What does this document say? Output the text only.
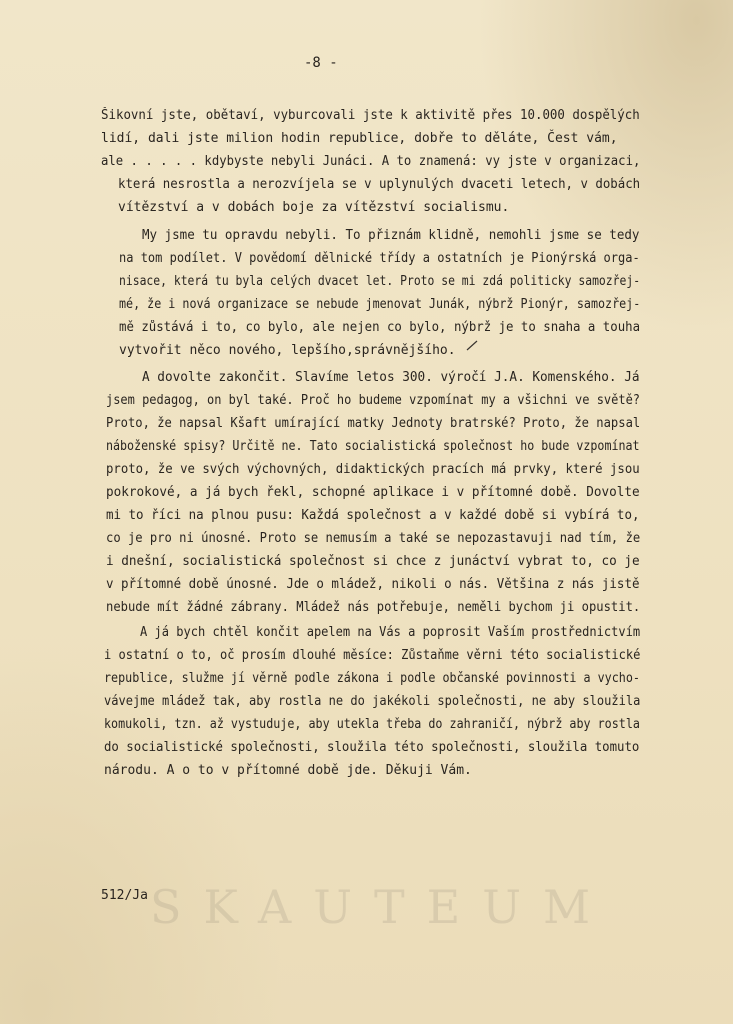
-8 -
Šikovní jste, obětaví, vyburcovali jste k aktivitě přes 10.000 dospělých
lidí, dali jste milion hodin republice, dobře to děláte, Čest vám,
ale . . . . . kdybyste nebyli Junáci. A to znamená: vy jste v organizaci,
která nesrostla a nerozvíjela se v uplynulých dvaceti letech, v dobách
vítězství a v dobách boje za vítězství socialismu.
My jsme tu opravdu nebyli. To přiznám klidně, nemohli jsme se tedy
na tom podílet. V povědomí dělnické třídy a ostatních je Pionýrská orga-
nisace, která tu byla celých dvacet let. Proto se mi zdá politicky samozřej-
mé, že i nová organizace se nebude jmenovat Junák, nýbrž Pionýr, samozřej-
mě zůstává i to, co bylo, ale nejen co bylo, nýbrž je to snaha a touha
vytvořit něco nového, lepšího,správnějšího.
A dovolte zakončit. Slavíme letos 300. výročí J.A. Komenského. Já
jsem pedagog, on byl také. Proč ho budeme vzpomínat my a všichni ve světě?
Proto, že napsal Kšaft umírající matky Jednoty bratrské? Proto, že napsal
náboženské spisy? Určitě ne. Tato socialistická společnost ho bude vzpomínat
proto, že ve svých výchovných, didaktických pracích má prvky, které jsou
pokrokové, a já bych řekl, schopné aplikace i v přítomné době. Dovolte
mi to říci na plnou pusu: Každá společnost a v každé době si vybírá to,
co je pro ni únosné. Proto se nemusím a také se nepozastavuji nad tím, že
i dnešní, socialistická společnost si chce z junáctví vybrat to, co je
v přítomné době únosné. Jde o mládež, nikoli o nás. Většina z nás jistě
nebude mít žádné zábrany. Mládež nás potřebuje, neměli bychom ji opustit.
A já bych chtěl končit apelem na Vás a poprosit Vaším prostřednictvím
i ostatní o to, oč prosím dlouhé měsíce: Zůstaňme věrni této socialistické
republice, služme jí věrně podle zákona i podle občanské povinnosti a vycho-
vávejme mládež tak, aby rostla ne do jakékoli společnosti, ne aby sloužila
komukoli, tzn. až vystuduje, aby utekla třeba do zahraničí, nýbrž aby rostla
do socialistické společnosti, sloužila této společnosti, sloužila tomuto
národu. A o to v přítomné době jde. Děkuji Vám.
512/Ja SKAUTEUM
